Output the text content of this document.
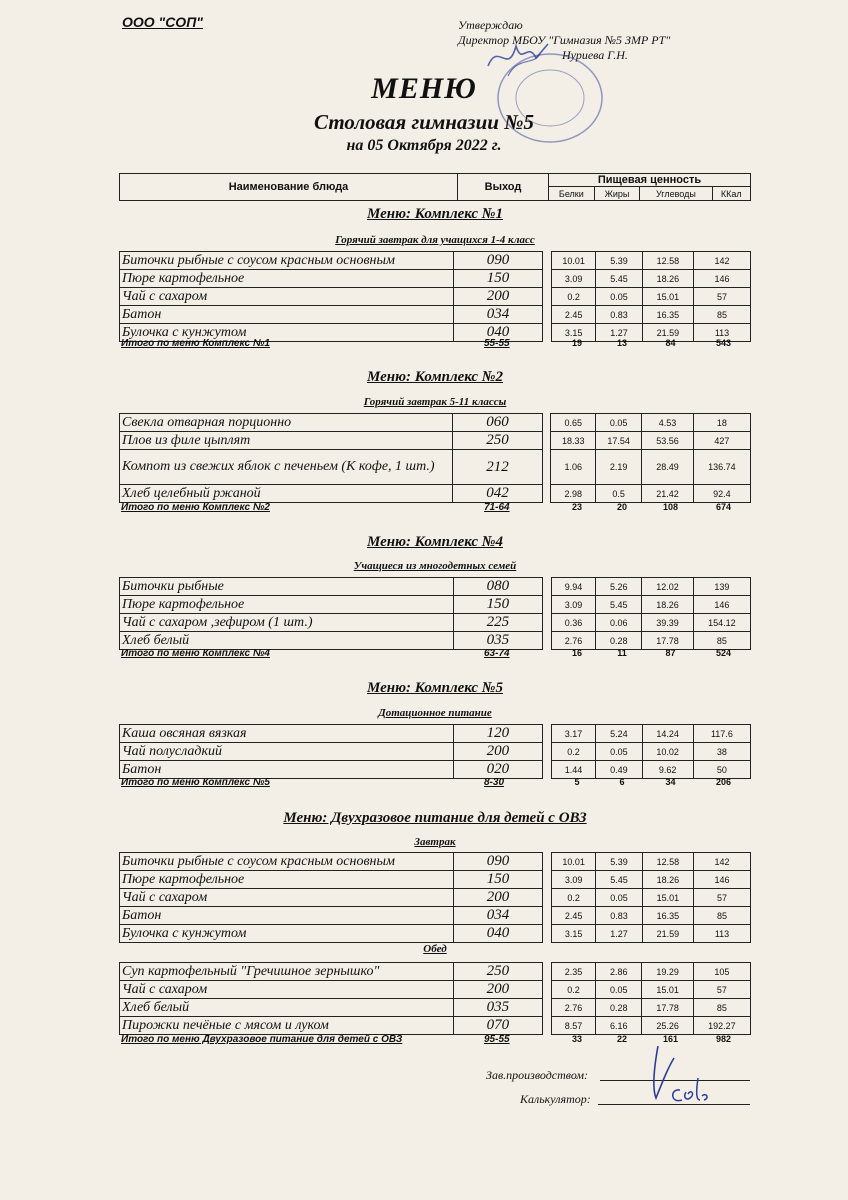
ООО "СОП"	Утверждаю
Директор МБОУ "Гимназия №5 ЗМР РТ"
Нуриева Г.Н.
МЕНЮ
Столовая гимназии №5
на 05 Октября 2022 г.
Наименование блюда	Выход	Пищевая ценность			
		Белки	Жиры	Углеводы	ККал
Меню: Комплекс №1
Горячий завтрак для учащихся 1-4 класс
Биточки рыбные с соусом красным основным	090		10.01	5.39	12.58	142
Пюре картофельное	150		3.09	5.45	18.26	146
Чай с сахаром	200		0.2	0.05	15.01	57
Батон	034		2.45	0.83	16.35	85
Булочка с кунжутом	040		3.15	1.27	21.59	113
Итого по меню Комплекс №1	55-55	19	13	84	543
Меню: Комплекс №2
Горячий завтрак 5-11 классы
Свекла отварная порционно	060		0.65	0.05	4.53	18
Плов из филе цыплят	250		18.33	17.54	53.56	427
Компот из свежих яблок с печеньем (К кофе, 1 шт.)	212		1.06	2.19	28.49	136.74
Хлеб целебный ржаной	042		2.98	0.5	21.42	92.4
Итого по меню Комплекс №2	71-64	23	20	108	674
Меню: Комплекс №4
Учащиеся из многодетных семей
Биточки рыбные	080		9.94	5.26	12.02	139
Пюре картофельное	150		3.09	5.45	18.26	146
Чай с сахаром ,зефиром (1 шт.)	225		0.36	0.06	39.39	154.12
Хлеб белый	035		2.76	0.28	17.78	85
Итого по меню Комплекс №4	63-74	16	11	87	524
Меню: Комплекс №5
Дотационное питание
Каша овсяная вязкая	120		3.17	5.24	14.24	117.6
Чай полусладкий	200		0.2	0.05	10.02	38
Батон	020		1.44	0.49	9.62	50
Итого по меню Комплекс №5	8-30	5	6	34	206
Меню: Двухразовое питание для детей с ОВЗ
Завтрак
Биточки рыбные с соусом красным основным	090		10.01	5.39	12.58	142
Пюре картофельное	150		3.09	5.45	18.26	146
Чай с сахаром	200		0.2	0.05	15.01	57
Батон	034		2.45	0.83	16.35	85
Булочка с кунжутом	040		3.15	1.27	21.59	113
Обед
Суп картофельный "Гречишное зернышко"	250		2.35	2.86	19.29	105
Чай с сахаром	200		0.2	0.05	15.01	57
Хлеб белый	035		2.76	0.28	17.78	85
Пирожки печёные с мясом и луком	070		8.57	6.16	25.26	192.27
Итого по меню Двухразовое питание для детей с ОВЗ	95-55	33	22	161	982
Зав.производством:
Калькулятор:
